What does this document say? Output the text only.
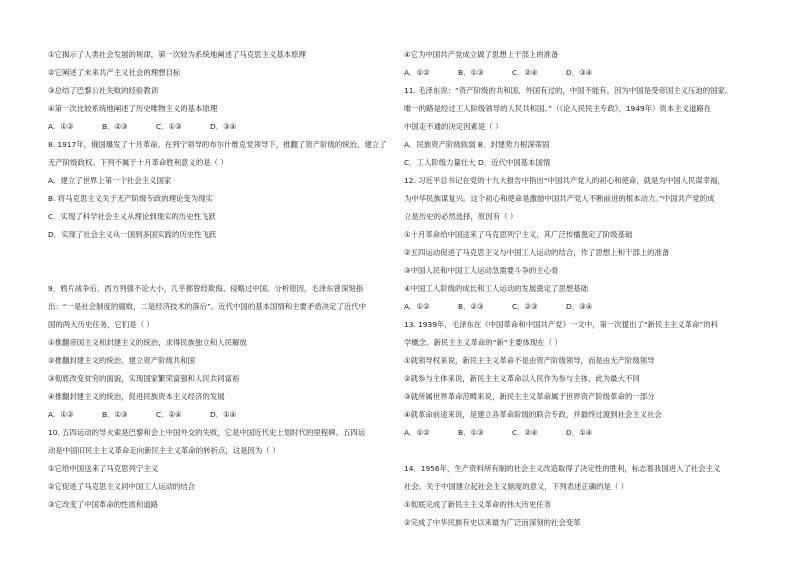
①它揭示了人类社会发展的规律，第一次较为系统地阐述了马克思主义基本原理
②它阐述了未来共产主义社会的理想目标
③总结了巴黎公社失败的经验教训
④第一次比较系统地阐述了历史唯物主义的基本原理
A．①②	B．②③	C．①③	D．③④
8. 1917年，俄国爆发了十月革命。在列宁领导的布尔什维克党领导下，推翻了资产阶级的统治，建立了
无产阶级政权。下列不属于十月革命胜利意义的是（ ）
A．建立了世界上第一个社会主义国家
B. 将马克思主义关于无产阶级专政的理论变为现实
C．实现了科学社会主义从理论到现实的历史性飞跃
D．实现了社会主义从一国到多国实践的历史性飞跃
9．鸦片战争后，西方列强不论大小，几乎都曾经欺侮、侵略过中国。分析原因，毛泽东曾深刻指
出：“一是社会制度的腐败，二是经济技术的落后”。近代中国的基本国情和主要矛盾决定了近代中
国的两大历史任务，它们是（ ）
①推翻帝国主义和封建主义的统治，求得民族独立和人民解放
②推翻封建主义的统治，建立资产阶级共和国
③彻底改变贫穷的面貌，实现国家繁荣富强和人民共同富裕
④推翻封建主义的统治，促进民族资本主义经济的发展
A．①②	B．①③	C．②④	D．①④
10. 五四运动的导火索是巴黎和会上中国外交的失败，它是中国近代史上划时代的里程碑。五四运
动是中国旧民主主义革命走向新民主主义革命的转折点，这是因为（ ）
①它给中国送来了马克思列宁主义
②它促进了马克思主义同中国工人运动的结合
③它改变了中国革命的性质和道路
④它为中国共产党成立做了思想上干部上的准备
A．①②	B．①③	C．②④	D．③④
11. 毛泽东说：“资产阶级的共和国，外国有过的，中国不能有，因为中国是受帝国主义压迫的国家。
唯一的路是经过工人阶级领导的人民共和国。”（《论人民民主专政》，1949年）资本主义道路在
中国走不通的决定因素是（ ）
A．民族资产阶级软弱 B．封建势力根深蒂固
C．工人阶级力量壮大 D．近代中国基本国情
12. 习近平总书记在党的十九大报告中指出“中国共产党人的初心和使命，就是为中国人民谋幸福，
为中华民族谋复兴。这个初心和使命是激励中国共产党人不断前进的根本动力。”中国共产党的成
立是历史的必然选择，原因有（ ）
①十月革命给中国送来了马克思列宁主义，其广泛传播奠定了阶级基础
②五四运动促进了马克思主义与中国工人运动的结合，作了思想上和干部上的准备
③中国人民和中国工人运动急需要斗争的主心骨
④中国工人阶级的成长和工人运动的发展奠定了思想基础
A．①②	B．②③	C．②③	D．③④
13. 1939年，毛泽东在《中国革命和中国共产党》一文中，第一次提出了“新民主主义革命”的科
学概念。新民主主义革命的“新”主要体现在（ ）
①就领导权来说，新民主主义革命不是由资产阶级领导，而是由无产阶级领导
②就参与主体来说，新民主主义革命以人民作为参与主体，此为最大不同
③就所属世界革命范畴来说，新民主主义革命属于世界资产阶级革命的一部分
④就革命前途来说，是建立各革命阶级的联合专政，并最终过渡到社会主义社会
A．①②	B．①③	C．②④	D．①④
14．1956年，生产资料所有制的社会主义改造取得了决定性的胜利，标志着我国进入了社会主义
社会。关于中国建立起社会主义制度的意义，下列表述正确的是（ ）
①彻底完成了新民主主义革命的伟大历史任务
②完成了中华民族有史以来最为广泛而深刻的社会变革
